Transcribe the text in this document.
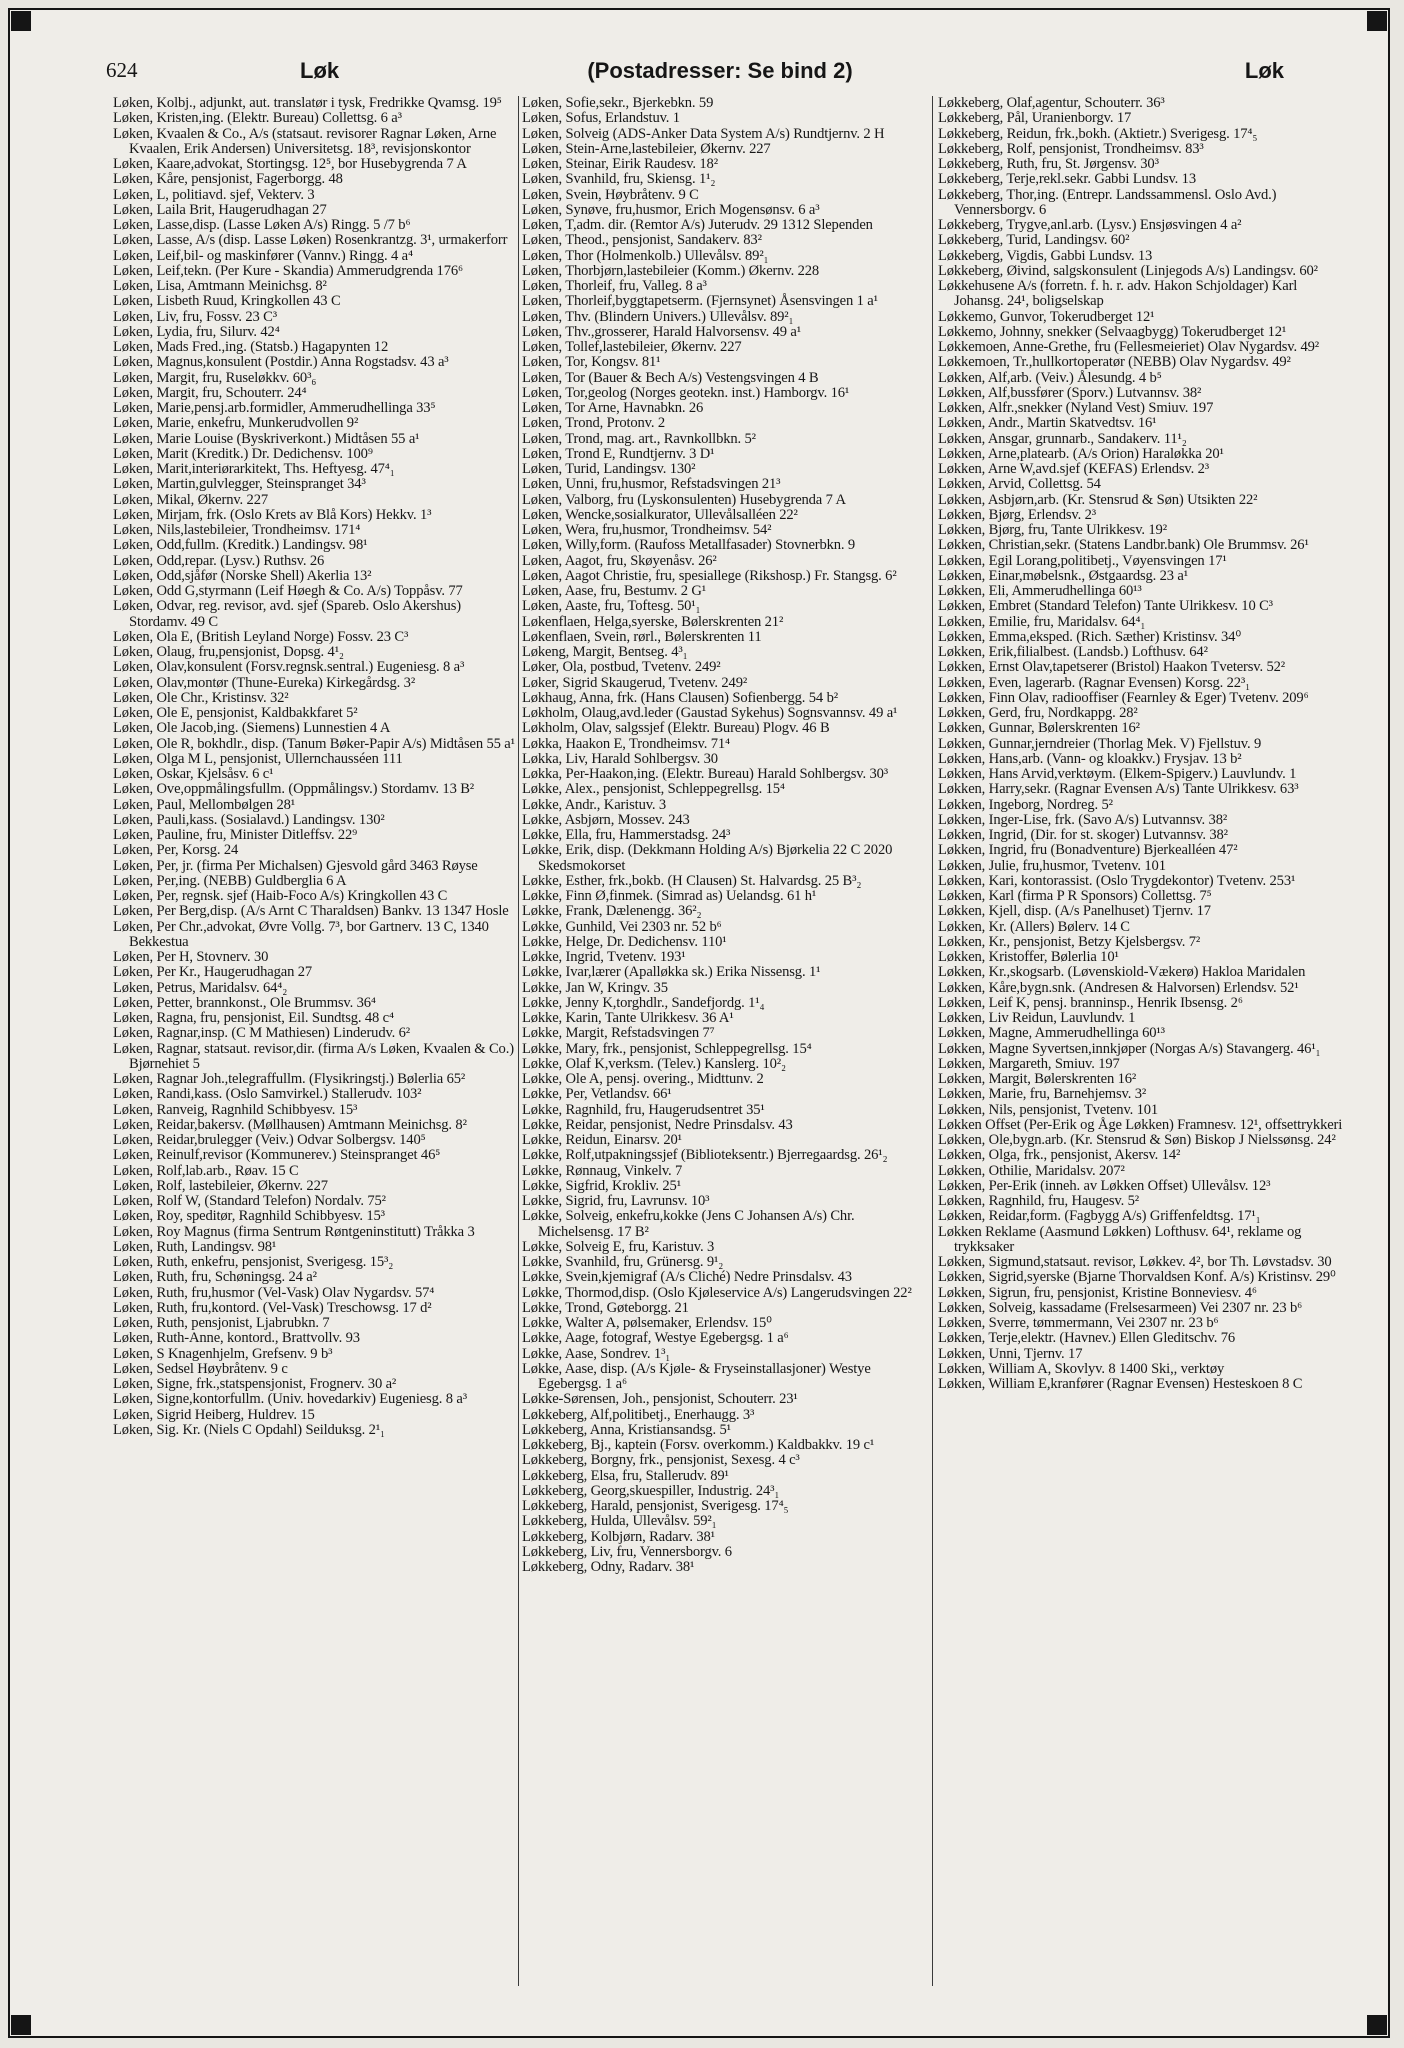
624	Løk	(Postadresser: Se bind 2)	Løk
Løken, Kolbj., adjunkt, aut. translatør i tysk, Fredrikke Qvamsg. 19⁵
Løken, Kristen,ing. (Elektr. Bureau) Collettsg. 6 a³
Løken, Kvaalen & Co., A/s (statsaut. revisorer Ragnar Løken, Arne Kvaalen, Erik Andersen) Universitetsg. 18³, revisjonskontor
Løken, Kaare,advokat, Stortingsg. 12⁵, bor Husebygrenda 7 A
Løken, Kåre, pensjonist, Fagerborgg. 48
Løken, L, politiavd. sjef, Vekterv. 3
Løken, Laila Brit, Haugerudhagan 27
Løken, Lasse,disp. (Lasse Løken A/s) Ringg. 5 /7 b⁶
Løken, Lasse, A/s (disp. Lasse Løken) Rosenkrantzg. 3¹, urmakerforr
Løken, Leif,bil- og maskinfører (Vannv.) Ringg. 4 a⁴
Løken, Leif,tekn. (Per Kure - Skandia) Ammerudgrenda 176⁶
Løken, Lisa, Amtmann Meinichsg. 8²
Løken, Lisbeth Ruud, Kringkollen 43 C
Løken, Liv, fru, Fossv. 23 C³
Løken, Lydia, fru, Silurv. 42⁴
Løken, Mads Fred.,ing. (Statsb.) Hagapynten 12
Løken, Magnus,konsulent (Postdir.) Anna Rogstadsv. 43 a³
Løken, Margit, fru, Ruseløkkv. 60³₆
Løken, Margit, fru, Schouterr. 24⁴
Løken, Marie,pensj.arb.formidler, Ammerudhellinga 33⁵
Løken, Marie, enkefru, Munkerudvollen 9²
Løken, Marie Louise (Byskriverkont.) Midtåsen 55 a¹
Løken, Marit (Kreditk.) Dr. Dedichensv. 100⁹
Løken, Marit,interiørarkitekt, Ths. Heftyesg. 47⁴₁
Løken, Martin,gulvlegger, Steinspranget 34³
Løken, Mikal, Økernv. 227
Løken, Mirjam, frk. (Oslo Krets av Blå Kors) Hekkv. 1³
Løken, Nils,lastebileier, Trondheimsv. 171⁴
Løken, Odd,fullm. (Kreditk.) Landingsv. 98¹
Løken, Odd,repar. (Lysv.) Ruthsv. 26
Løken, Odd,sjåfør (Norske Shell) Akerlia 13²
Løken, Odd G,styrmann (Leif Høegh & Co. A/s) Toppåsv. 77
Løken, Odvar, reg. revisor, avd. sjef (Spareb. Oslo Akershus) Stordamv. 49 C
Løken, Ola E, (British Leyland Norge) Fossv. 23 C³
Løken, Olaug, fru,pensjonist, Dopsg. 4¹₂
Løken, Olav,konsulent (Forsv.regnsk.sentral.) Eugeniesg. 8 a³
Løken, Olav,montør (Thune-Eureka) Kirkegårdsg. 3²
Løken, Ole Chr., Kristinsv. 32²
Løken, Ole E, pensjonist, Kaldbakkfaret 5²
Løken, Ole Jacob,ing. (Siemens) Lunnestien 4 A
Løken, Ole R, bokhdlr., disp. (Tanum Bøker-Papir A/s) Midtåsen 55 a¹
Løken, Olga M L, pensjonist, Ullernchausséen 111
Løken, Oskar, Kjelsåsv. 6 c¹
Løken, Ove,oppmålingsfullm. (Oppmålingsv.) Stordamv. 13 B²
Løken, Paul, Mellombølgen 28¹
Løken, Pauli,kass. (Sosialavd.) Landingsv. 130²
Løken, Pauline, fru, Minister Ditleffsv. 22⁹
Løken, Per, Korsg. 24
Løken, Per, jr. (firma Per Michalsen) Gjesvold gård 3463 Røyse
Løken, Per,ing. (NEBB) Guldberglia 6 A
Løken, Per, regnsk. sjef (Haib-Foco A/s) Kringkollen 43 C
Løken, Per Berg,disp. (A/s Arnt C Tharaldsen) Bankv. 13 1347 Hosle
Løken, Per Chr.,advokat, Øvre Vollg. 7³, bor Gartnerv. 13 C, 1340 Bekkestua
Løken, Per H, Stovnerv. 30
Løken, Per Kr., Haugerudhagan 27
Løken, Petrus, Maridalsv. 64⁴₂
Løken, Petter, brannkonst., Ole Brummsv. 36⁴
Løken, Ragna, fru, pensjonist, Eil. Sundtsg. 48 c⁴
Løken, Ragnar,insp. (C M Mathiesen) Linderudv. 6²
Løken, Ragnar, statsaut. revisor,dir. (firma A/s Løken, Kvaalen & Co.) Bjørnehiet 5
Løken, Ragnar Joh.,telegraffullm. (Flysikringstj.) Bølerlia 65²
Løken, Randi,kass. (Oslo Samvirkel.) Stallerudv. 103²
Løken, Ranveig, Ragnhild Schibbyesv. 15³
Løken, Reidar,bakersv. (Møllhausen) Amtmann Meinichsg. 8²
Løken, Reidar,brulegger (Veiv.) Odvar Solbergsv. 140⁵
Løken, Reinulf,revisor (Kommunerev.) Steinspranget 46⁵
Løken, Rolf,lab.arb., Røav. 15 C
Løken, Rolf, lastebileier, Økernv. 227
Løken, Rolf W, (Standard Telefon) Nordalv. 75²
Løken, Roy, speditør, Ragnhild Schibbyesv. 15³
Løken, Roy Magnus (firma Sentrum Røntgeninstitutt) Tråkka 3
Løken, Ruth, Landingsv. 98¹
Løken, Ruth, enkefru, pensjonist, Sverigesg. 15³₂
Løken, Ruth, fru, Schøningsg. 24 a²
Løken, Ruth, fru,husmor (Vel-Vask) Olav Nygardsv. 57⁴
Løken, Ruth, fru,kontord. (Vel-Vask) Treschowsg. 17 d²
Løken, Ruth, pensjonist, Ljabrubkn. 7
Løken, Ruth-Anne, kontord., Brattvollv. 93
Løken, S Knagenhjelm, Grefsenv. 9 b³
Løken, Sedsel Høybråtenv. 9 c
Løken, Signe, frk.,statspensjonist, Frognerv. 30 a²
Løken, Signe,kontorfullm. (Univ. hovedarkiv) Eugeniesg. 8 a³
Løken, Sigrid Heiberg, Huldrev. 15
Løken, Sig. Kr. (Niels C Opdahl) Seilduksg. 2¹₁
Løken, Sofie,sekr., Bjerkebkn. 59
Løken, Sofus, Erlandstuv. 1
Løken, Solveig (ADS-Anker Data System A/s) Rundtjernv. 2 H
Løken, Stein-Arne,lastebileier, Økernv. 227
Løken, Steinar, Eirik Raudesv. 18²
Løken, Svanhild, fru, Skiensg. 1¹₂
Løken, Svein, Høybråtenv. 9 C
Løken, Synøve, fru,husmor, Erich Mogensønsv. 6 a³
Løken, T,adm. dir. (Remtor A/s) Juterudv. 29 1312 Slependen
Løken, Theod., pensjonist, Sandakerv. 83²
Løken, Thor (Holmenkolb.) Ullevålsv. 89²₁
Løken, Thorbjørn,lastebileier (Komm.) Økernv. 228
Løken, Thorleif, fru, Valleg. 8 a³
Løken, Thorleif,byggtapetserm. (Fjernsynet) Åsensvingen 1 a¹
Løken, Thv. (Blindern Univers.) Ullevålsv. 89²₁
Løken, Thv.,grosserer, Harald Halvorsensv. 49 a¹
Løken, Tollef,lastebileier, Økernv. 227
Løken, Tor, Kongsv. 81¹
Løken, Tor (Bauer & Bech A/s) Vestengsvingen 4 B
Løken, Tor,geolog (Norges geotekn. inst.) Hamborgv. 16¹
Løken, Tor Arne, Havnabkn. 26
Løken, Trond, Protonv. 2
Løken, Trond, mag. art., Ravnkollbkn. 5²
Løken, Trond E, Rundtjernv. 3 D¹
Løken, Turid, Landingsv. 130²
Løken, Unni, fru,husmor, Refstadsvingen 21³
Løken, Valborg, fru (Lyskonsulenten) Husebygrenda 7 A
Løken, Wencke,sosialkurator, Ullevålsalléen 22²
Løken, Wera, fru,husmor, Trondheimsv. 54²
Løken, Willy,form. (Raufoss Metallfasader) Stovnerbkn. 9
Løken, Aagot, fru, Skøyenåsv. 26²
Løken, Aagot Christie, fru, spesiallege (Rikshosp.) Fr. Stangsg. 6²
Løken, Aase, fru, Bestumv. 2 G¹
Løken, Aaste, fru, Toftesg. 50¹₁
Løkenflaen, Helga,syerske, Bølerskrenten 21²
Løkenflaen, Svein, rørl., Bølerskrenten 11
Løkeng, Margit, Bentseg. 4³₁
Løker, Ola, postbud, Tvetenv. 249²
Løker, Sigrid Skaugerud, Tvetenv. 249²
Løkhaug, Anna, frk. (Hans Clausen) Sofienbergg. 54 b²
Løkholm, Olaug,avd.leder (Gaustad Sykehus) Sognsvannsv. 49 a¹
Løkholm, Olav, salgssjef (Elektr. Bureau) Plogv. 46 B
Løkka, Haakon E, Trondheimsv. 71⁴
Løkka, Liv, Harald Sohlbergsv. 30
Løkka, Per-Haakon,ing. (Elektr. Bureau) Harald Sohlbergsv. 30³
Løkke, Alex., pensjonist, Schleppegrellsg. 15⁴
Løkke, Andr., Karistuv. 3
Løkke, Asbjørn, Mossev. 243
Løkke, Ella, fru, Hammerstadsg. 24³
Løkke, Erik, disp. (Dekkmann Holding A/s) Bjørkelia 22 C 2020 Skedsmokorset
Løkke, Esther, frk.,bokb. (H Clausen) St. Halvardsg. 25 B³₂
Løkke, Finn Ø,finmek. (Simrad as) Uelandsg. 61 h¹
Løkke, Frank, Dælenengg. 36²₂
Løkke, Gunhild, Vei 2303 nr. 52 b⁶
Løkke, Helge, Dr. Dedichensv. 110¹
Løkke, Ingrid, Tvetenv. 193¹
Løkke, Ivar,lærer (Apalløkka sk.) Erika Nissensg. 1¹
Løkke, Jan W, Kringv. 35
Løkke, Jenny K,torghdlr., Sandefjordg. 1¹₄
Løkke, Karin, Tante Ulrikkesv. 36 A¹
Løkke, Margit, Refstadsvingen 7⁷
Løkke, Mary, frk., pensjonist, Schleppegrellsg. 15⁴
Løkke, Olaf K,verksm. (Telev.) Kanslerg. 10²₂
Løkke, Ole A, pensj. overing., Midttunv. 2
Løkke, Per, Vetlandsv. 66¹
Løkke, Ragnhild, fru, Haugerudsentret 35¹
Løkke, Reidar, pensjonist, Nedre Prinsdalsv. 43
Løkke, Reidun, Einarsv. 20¹
Løkke, Rolf,utpakningssjef (Biblioteksentr.) Bjerregaardsg. 26¹₂
Løkke, Rønnaug, Vinkelv. 7
Løkke, Sigfrid, Krokliv. 25¹
Løkke, Sigrid, fru, Lavrunsv. 10³
Løkke, Solveig, enkefru,kokke (Jens C Johansen A/s) Chr. Michelsensg. 17 B²
Løkke, Solveig E, fru, Karistuv. 3
Løkke, Svanhild, fru, Grünersg. 9¹₂
Løkke, Svein,kjemigraf (A/s Cliché) Nedre Prinsdalsv. 43
Løkke, Thormod,disp. (Oslo Kjøleservice A/s) Langerudsvingen 22²
Løkke, Trond, Gøteborgg. 21
Løkke, Walter A, pølsemaker, Erlendsv. 15⁰
Løkke, Aage, fotograf, Westye Egebergsg. 1 a⁶
Løkke, Aase, Sondrev. 1³₁
Løkke, Aase, disp. (A/s Kjøle- & Fryseinstallasjoner) Westye Egebergsg. 1 a⁶
Løkke-Sørensen, Joh., pensjonist, Schouterr. 23¹
Løkkeberg, Alf,politibetj., Enerhaugg. 3³
Løkkeberg, Anna, Kristiansandsg. 5¹
Løkkeberg, Bj., kaptein (Forsv. overkomm.) Kaldbakkv. 19 c¹
Løkkeberg, Borgny, frk., pensjonist, Sexesg. 4 c³
Løkkeberg, Elsa, fru, Stallerudv. 89¹
Løkkeberg, Georg,skuespiller, Industrig. 24³₁
Løkkeberg, Harald, pensjonist, Sverigesg. 17⁴₅
Løkkeberg, Hulda, Ullevålsv. 59²₁
Løkkeberg, Kolbjørn, Radarv. 38¹
Løkkeberg, Liv, fru, Vennersborgv. 6
Løkkeberg, Odny, Radarv. 38¹
Løkkeberg, Olaf,agentur, Schouterr. 36³
Løkkeberg, Pål, Uranienborgv. 17
Løkkeberg, Reidun, frk.,bokh. (Aktietr.) Sverigesg. 17⁴₅
Løkkeberg, Rolf, pensjonist, Trondheimsv. 83³
Løkkeberg, Ruth, fru, St. Jørgensv. 30³
Løkkeberg, Terje,rekl.sekr. Gabbi Lundsv. 13
Løkkeberg, Thor,ing. (Entrepr. Landssammensl. Oslo Avd.) Vennersborgv. 6
Løkkeberg, Trygve,anl.arb. (Lysv.) Ensjøsvingen 4 a²
Løkkeberg, Turid, Landingsv. 60²
Løkkeberg, Vigdis, Gabbi Lundsv. 13
Løkkeberg, Øivind, salgskonsulent (Linjegods A/s) Landingsv. 60²
Løkkehusene A/s (forretn. f. h. r. adv. Hakon Schjoldager) Karl Johansg. 24¹, boligselskap
Løkkemo, Gunvor, Tokerudberget 12¹
Løkkemo, Johnny, snekker (Selvaagbygg) Tokerudberget 12¹
Løkkemoen, Anne-Grethe, fru (Fellesmeieriet) Olav Nygardsv. 49²
Løkkemoen, Tr.,hullkortoperatør (NEBB) Olav Nygardsv. 49²
Løkken, Alf,arb. (Veiv.) Ålesundg. 4 b⁵
Løkken, Alf,bussfører (Sporv.) Lutvannsv. 38²
Løkken, Alfr.,snekker (Nyland Vest) Smiuv. 197
Løkken, Andr., Martin Skatvedtsv. 16¹
Løkken, Ansgar, grunnarb., Sandakerv. 11¹₂
Løkken, Arne,platearb. (A/s Orion) Haraløkka 20¹
Løkken, Arne W,avd.sjef (KEFAS) Erlendsv. 2³
Løkken, Arvid, Collettsg. 54
Løkken, Asbjørn,arb. (Kr. Stensrud & Søn) Utsikten 22²
Løkken, Bjørg, Erlendsv. 2³
Løkken, Bjørg, fru, Tante Ulrikkesv. 19²
Løkken, Christian,sekr. (Statens Landbr.bank) Ole Brummsv. 26¹
Løkken, Egil Lorang,politibetj., Vøyensvingen 17¹
Løkken, Einar,møbelsnk., Østgaardsg. 23 a¹
Løkken, Eli, Ammerudhellinga 60¹³
Løkken, Embret (Standard Telefon) Tante Ulrikkesv. 10 C³
Løkken, Emilie, fru, Maridalsv. 64⁴₁
Løkken, Emma,eksped. (Rich. Sæther) Kristinsv. 34⁰
Løkken, Erik,filialbest. (Landsb.) Lofthusv. 64²
Løkken, Ernst Olav,tapetserer (Bristol) Haakon Tvetersv. 52²
Løkken, Even, lagerarb. (Ragnar Evensen) Korsg. 22³₁
Løkken, Finn Olav, radiooffiser (Fearnley & Eger) Tvetenv. 209⁶
Løkken, Gerd, fru, Nordkappg. 28²
Løkken, Gunnar, Bølerskrenten 16²
Løkken, Gunnar,jerndreier (Thorlag Mek. V) Fjellstuv. 9
Løkken, Hans,arb. (Vann- og kloakkv.) Frysjav. 13 b²
Løkken, Hans Arvid,verktøym. (Elkem-Spigerv.) Lauvlundv. 1
Løkken, Harry,sekr. (Ragnar Evensen A/s) Tante Ulrikkesv. 63³
Løkken, Ingeborg, Nordreg. 5²
Løkken, Inger-Lise, frk. (Savo A/s) Lutvannsv. 38²
Løkken, Ingrid, (Dir. for st. skoger) Lutvannsv. 38²
Løkken, Ingrid, fru (Bonadventure) Bjerkealléen 47²
Løkken, Julie, fru,husmor, Tvetenv. 101
Løkken, Kari, kontorassist. (Oslo Trygdekontor) Tvetenv. 253¹
Løkken, Karl (firma P R Sponsors) Collettsg. 7⁵
Løkken, Kjell, disp. (A/s Panelhuset) Tjernv. 17
Løkken, Kr. (Allers) Bølerv. 14 C
Løkken, Kr., pensjonist, Betzy Kjelsbergsv. 7²
Løkken, Kristoffer, Bølerlia 10¹
Løkken, Kr.,skogsarb. (Løvenskiold-Vækerø) Hakloa Maridalen
Løkken, Kåre,bygn.snk. (Andresen & Halvorsen) Erlendsv. 52¹
Løkken, Leif K, pensj. branninsp., Henrik Ibsensg. 2⁶
Løkken, Liv Reidun, Lauvlundv. 1
Løkken, Magne, Ammerudhellinga 60¹³
Løkken, Magne Syvertsen,innkjøper (Norgas A/s) Stavangerg. 46¹₁
Løkken, Margareth, Smiuv. 197
Løkken, Margit, Bølerskrenten 16²
Løkken, Marie, fru, Barnehjemsv. 3²
Løkken, Nils, pensjonist, Tvetenv. 101
Løkken Offset (Per-Erik og Åge Løkken) Framnesv. 12¹, offsettrykkeri
Løkken, Ole,bygn.arb. (Kr. Stensrud & Søn) Biskop J Nielssønsg. 24²
Løkken, Olga, frk., pensjonist, Akersv. 14²
Løkken, Othilie, Maridalsv. 207²
Løkken, Per-Erik (inneh. av Løkken Offset) Ullevålsv. 12³
Løkken, Ragnhild, fru, Haugesv. 5²
Løkken, Reidar,form. (Fagbygg A/s) Griffenfeldtsg. 17¹₁
Løkken Reklame (Aasmund Løkken) Lofthusv. 64¹, reklame og trykksaker
Løkken, Sigmund,statsaut. revisor, Løkkev. 4², bor Th. Løvstadsv. 30
Løkken, Sigrid,syerske (Bjarne Thorvaldsen Konf. A/s) Kristinsv. 29⁰
Løkken, Sigrun, fru, pensjonist, Kristine Bonneviesv. 4⁶
Løkken, Solveig, kassadame (Frelsesarmeen) Vei 2307 nr. 23 b⁶
Løkken, Sverre, tømmermann, Vei 2307 nr. 23 b⁶
Løkken, Terje,elektr. (Havnev.) Ellen Gleditschv. 76
Løkken, Unni, Tjernv. 17
Løkken, William A, Skovlyv. 8 1400 Ski,, verktøy
Løkken, William E,kranfører (Ragnar Evensen) Hesteskoen 8 C
